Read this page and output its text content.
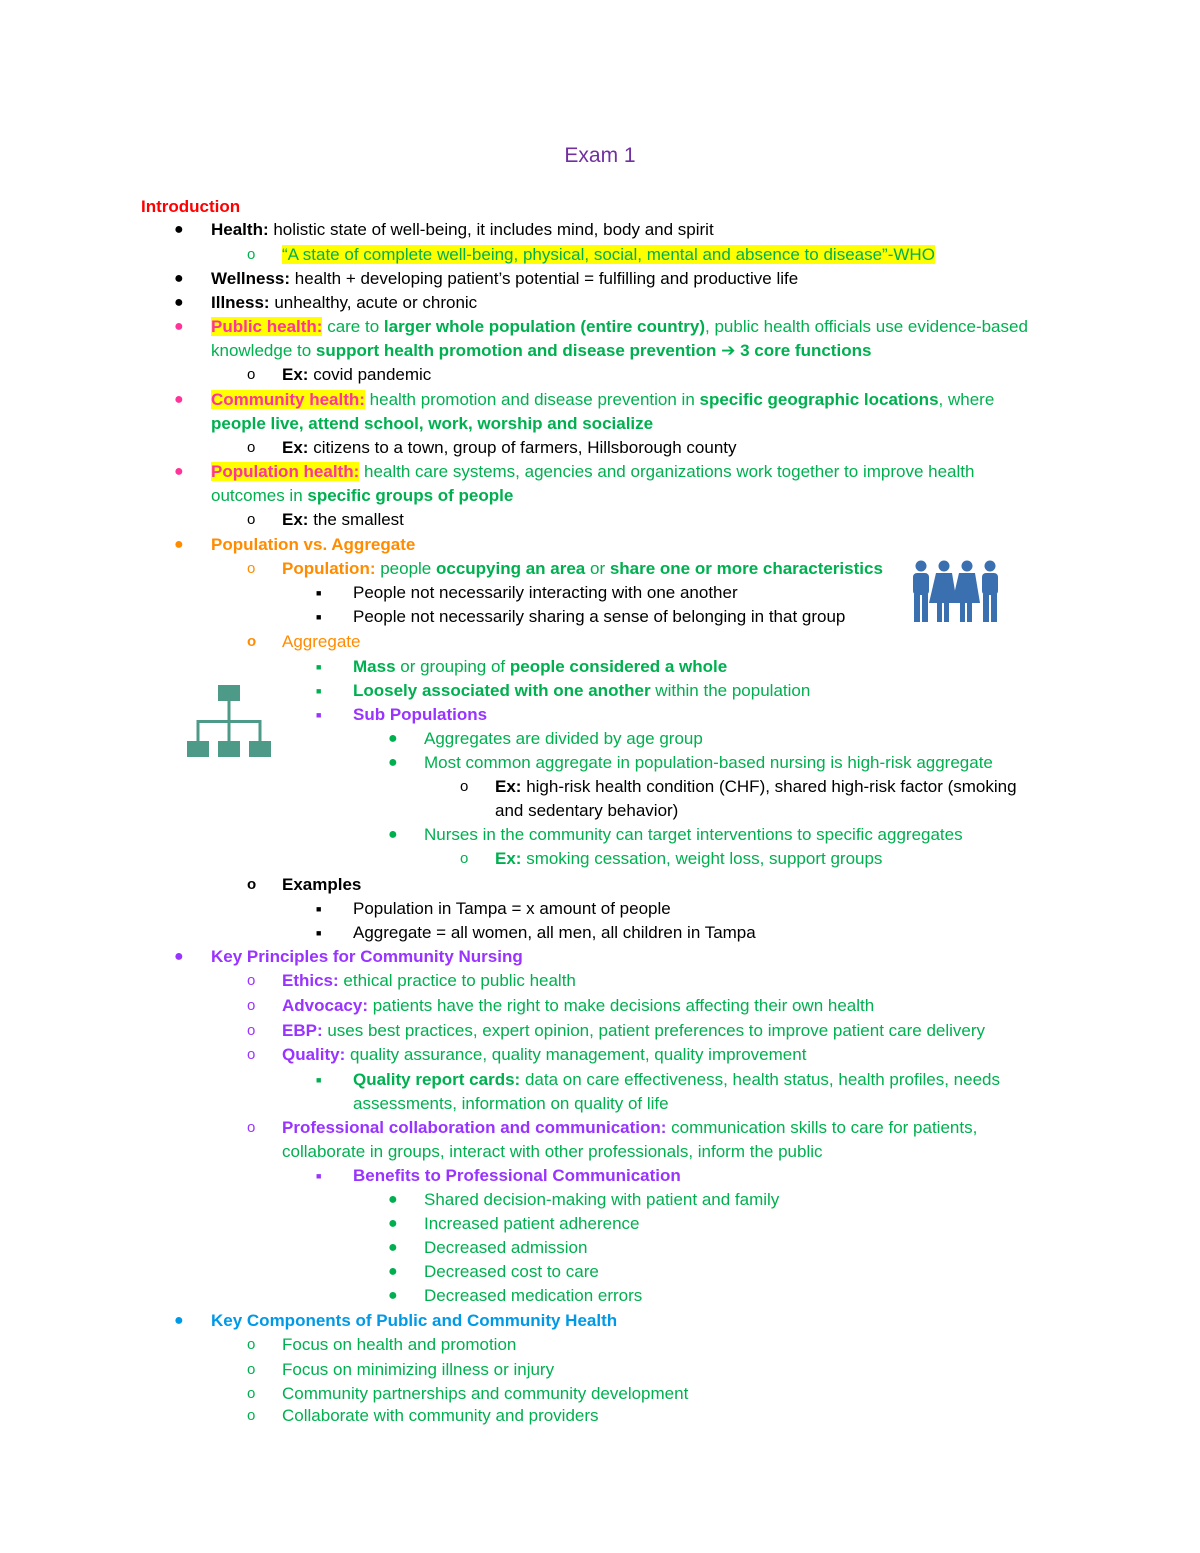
Exam 1
Introduction
● Health: holistic state of well-being, it includes mind, body and spirit
o “A state of complete well-being, physical, social, mental and absence to disease”-WHO
● Wellness: health + developing patient’s potential = fulfilling and productive life
● Illness: unhealthy, acute or chronic
● Public health: care to larger whole population (entire country), public health officials use evidence-based
knowledge to support health promotion and disease prevention ➔ 3 core functions
o Ex: covid pandemic
● Community health: health promotion and disease prevention in specific geographic locations, where
people live, attend school, work, worship and socialize
o Ex: citizens to a town, group of farmers, Hillsborough county
● Population health: health care systems, agencies and organizations work together to improve health
outcomes in specific groups of people
o Ex: the smallest
● Population vs. Aggregate
o Population: people occupying an area or share one or more characteristics
■ People not necessarily interacting with one another
■ People not necessarily sharing a sense of belonging in that group
o Aggregate
■ Mass or grouping of people considered a whole
■ Loosely associated with one another within the population
■ Sub Populations
● Aggregates are divided by age group
● Most common aggregate in population-based nursing is high-risk aggregate
o Ex: high-risk health condition (CHF), shared high-risk factor (smoking
and sedentary behavior)
● Nurses in the community can target interventions to specific aggregates
o Ex: smoking cessation, weight loss, support groups
o Examples
■ Population in Tampa = x amount of people
■ Aggregate = all women, all men, all children in Tampa
● Key Principles for Community Nursing
o Ethics: ethical practice to public health
o Advocacy: patients have the right to make decisions affecting their own health
o EBP: uses best practices, expert opinion, patient preferences to improve patient care delivery
o Quality: quality assurance, quality management, quality improvement
■ Quality report cards: data on care effectiveness, health status, health profiles, needs
assessments, information on quality of life
o Professional collaboration and communication: communication skills to care for patients,
collaborate in groups, interact with other professionals, inform the public
■ Benefits to Professional Communication
● Shared decision-making with patient and family
● Increased patient adherence
● Decreased admission
● Decreased cost to care
● Decreased medication errors
● Key Components of Public and Community Health
o Focus on health and promotion
o Focus on minimizing illness or injury
o Community partnerships and community development
o Collaborate with community and providers
